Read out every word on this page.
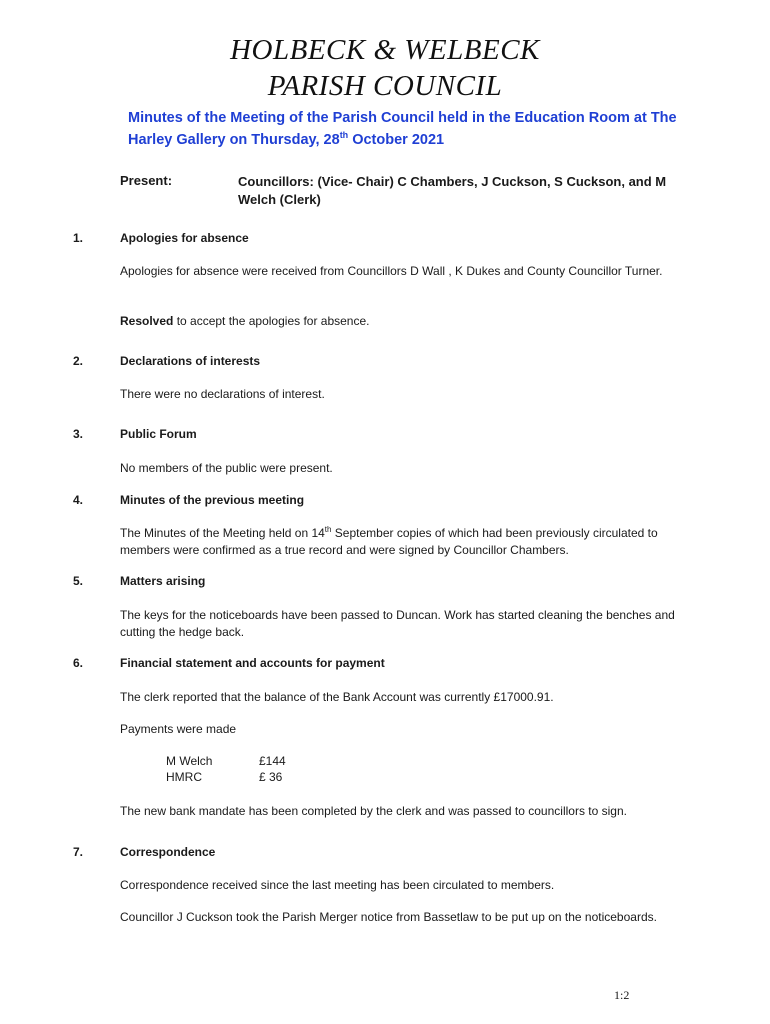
HOLBECK & WELBECK
PARISH COUNCIL
Minutes of the Meeting of the Parish Council held in the Education Room at The Harley Gallery on Thursday, 28th October 2021
Present:	Councillors: (Vice- Chair) C Chambers, J Cuckson, S Cuckson, and M Welch (Clerk)
1.	Apologies for absence
Apologies for absence were received from Councillors D Wall , K Dukes and County Councillor Turner.
Resolved to accept the apologies for absence.
2.	Declarations of interests
There were no declarations of interest.
3.	Public Forum
No members of the public were present.
4.	Minutes of the previous meeting
The Minutes of the Meeting held on 14th September copies of which had been previously circulated to members were confirmed as a true record and were signed by Councillor Chambers.
5.	Matters arising
The keys for the noticeboards have been passed to Duncan. Work has started cleaning the benches and cutting the hedge back.
6.	Financial statement and accounts for payment
The clerk reported that the balance of the Bank Account was currently £17000.91.
Payments were made
M Welch	£144
HMRC	£ 36
The new bank mandate has been completed by the clerk and was passed to councillors to sign.
7.	Correspondence
Correspondence received since the last meeting has been circulated to members.
Councillor J Cuckson took the Parish Merger notice from Bassetlaw to be put up on the noticeboards.
1:2
